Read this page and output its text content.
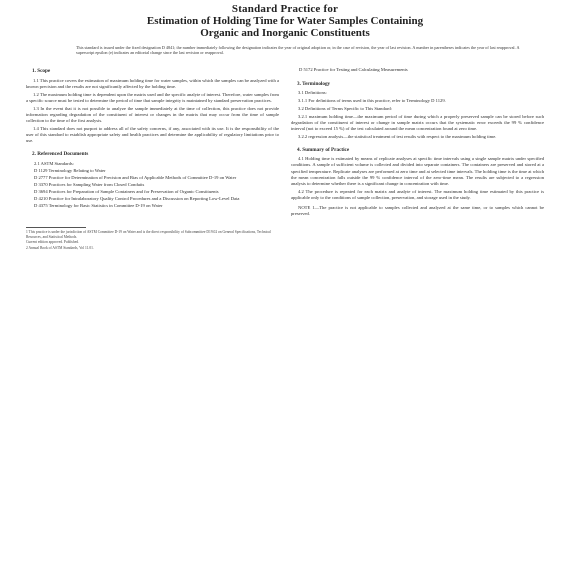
Standard Practice for
Estimation of Holding Time for Water Samples Containing
Organic and Inorganic Constituents
This standard is issued under the fixed designation D 4841; the number immediately following the designation indicates the year of original adoption or, in the case of revision, the year of last revision. A number in parentheses indicates the year of last reapproval. A superscript epsilon (e) indicates an editorial change since the last revision or reapproval.
1. Scope
1.1 This practice covers the estimation of maximum holding time for water samples, within which the samples can be analyzed with a known precision and the results are not significantly affected by the holding time.
1.2 The maximum holding time is dependent upon the matrix used and the specific analyte of interest. Therefore, water samples from a specific source must be tested to determine the period of time that sample integrity is maintained by standard preservation practices.
1.3 In the event that it is not possible to analyze the sample immediately at the time of collection, this practice does not provide information regarding degradation of the constituent of interest or changes in the matrix that may occur from the time of sample collection to the time of the first analysis.
1.4 This standard does not purport to address all of the safety concerns, if any, associated with its use. It is the responsibility of the user of this standard to establish appropriate safety and health practices and determine the applicability of regulatory limitations prior to use.
2. Referenced Documents
2.1 ASTM Standards:
D 1129 Terminology Relating to Water
D 2777 Practice for Determination of Precision and Bias of Applicable Methods of Committee D-19 on Water
D 3370 Practices for Sampling Water from Closed Conduits
D 3694 Practices for Preparation of Sample Containers and for Preservation of Organic Constituents
D 4210 Practice for Intralaboratory Quality Control Procedures and a Discussion on Reporting Low-Level Data
D 4375 Terminology for Basic Statistics in Committee D-19 on Water
1 This practice is under the jurisdiction of ASTM Committee D-19 on Water and is the direct responsibility of Subcommittee D19.02 on General Specifications, Technical Resources, and Statistical Methods.
Current edition approved. Published.
2 Annual Book of ASTM Standards, Vol 11.01.
D 5172 Practice for Testing and Calculating Measurements
3. Terminology
3.1 Definitions:
3.1.1 For definitions of terms used in this practice, refer to Terminology D 1129.
3.2 Definitions of Terms Specific to This Standard:
3.2.1 maximum holding time—the maximum period of time during which a properly preserved sample can be stored before such degradation of the constituent of interest or change in sample matrix occurs that the systematic error exceeds the 99 % confidence interval (not to exceed 15 %) of the test calculated around the mean concentration found at zero time.
3.2.2 regression analysis—the statistical treatment of test results with respect to the maximum holding time.
4. Summary of Practice
4.1 Holding time is estimated by means of replicate analyses at specific time intervals using a single sample matrix under specified conditions. A sample of sufficient volume is collected and divided into separate containers. The containers are preserved and stored at a specified temperature. Replicate analyses are performed at zero time and at selected time intervals. The holding time is the time at which the mean concentration falls outside the 99 % confidence interval of the zero-time mean. The results are subjected to a regression analysis to determine whether there is a significant change in concentration with time.
4.2 The procedure is repeated for each matrix and analyte of interest. The maximum holding time estimated by this practice is applicable only to the conditions of sample collection, preservation, and storage used in the study.
NOTE 1—The practice is not applicable to samples collected and analyzed at the same time, or to samples which cannot be preserved.
